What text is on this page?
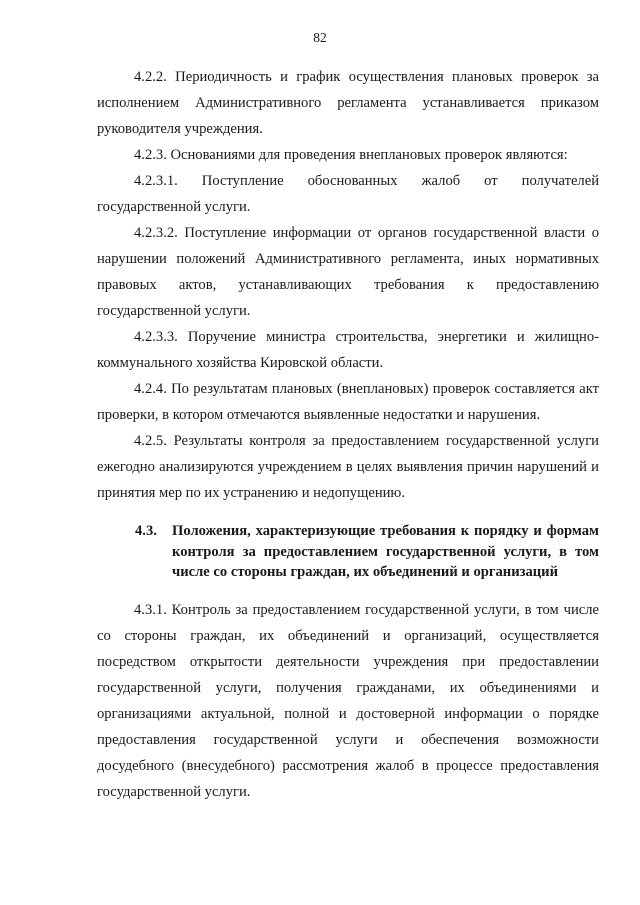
82

4.2.2. Периодичность и график осуществления плановых проверок за исполнением Административного регламента устанавливается приказом руководителя учреждения.

4.2.3. Основаниями для проведения внеплановых проверок являются:

4.2.3.1. Поступление обоснованных жалоб от получателей государственной услуги.

4.2.3.2. Поступление информации от органов государственной власти о нарушении положений Административного регламента, иных нормативных правовых актов, устанавливающих требования к предоставлению государственной услуги.

4.2.3.3. Поручение министра строительства, энергетики и жилищно-коммунального хозяйства Кировской области.

4.2.4. По результатам плановых (внеплановых) проверок составляется акт проверки, в котором отмечаются выявленные недостатки и нарушения.

4.2.5. Результаты контроля за предоставлением государственной услуги ежегодно анализируются учреждением в целях выявления причин нарушений и принятия мер по их устранению и недопущению.

4.3.	Положения, характеризующие требования к порядку и формам контроля за предоставлением государственной услуги, в том числе со стороны граждан, их объединений и организаций

4.3.1. Контроль за предоставлением государственной услуги, в том числе со стороны граждан, их объединений и организаций, осуществляется посредством открытости деятельности учреждения при предоставлении государственной услуги, получения гражданами, их объединениями и организациями актуальной, полной и достоверной информации о порядке предоставления государственной услуги и обеспечения возможности досудебного (внесудебного) рассмотрения жалоб в процессе предоставления государственной услуги.
